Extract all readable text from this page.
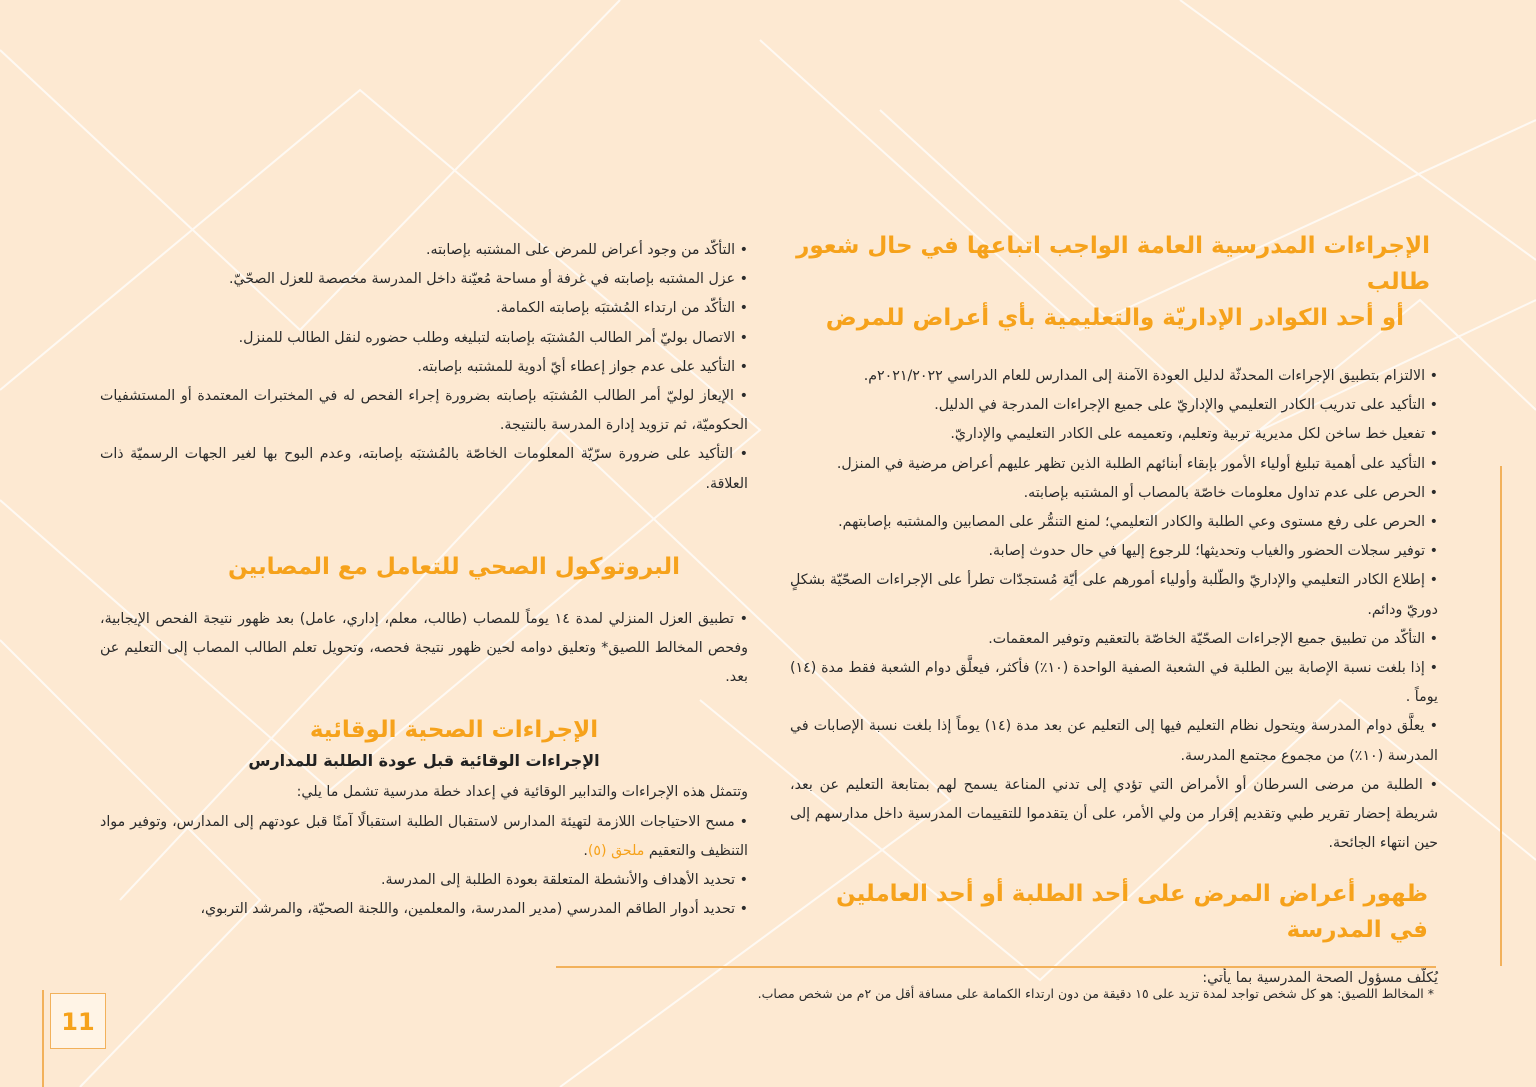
الإجراءات المدرسية العامة الواجب اتباعها في حال شعور طالب
أو أحد الكوادر الإداريّة والتعليمية بأي أعراض للمرض
• الالتزام بتطبيق الإجراءات المحدثّة لدليل العودة الآمنة إلى المدارس للعام الدراسي ٢٠٢١/٢٠٢٢م.
• التأكيد على تدريب الكادر التعليمي والإداريّ على جميع الإجراءات المدرجة في الدليل.
• تفعيل خط ساخن لكل مديرية تربية وتعليم، وتعميمه على الكادر التعليمي والإداريّ.
• التأكيد على أهمية تبليغ أولياء الأمور بإبقاء أبنائهم الطلبة الذين تظهر عليهم أعراض مرضية في المنزل.
• الحرص على عدم تداول معلومات خاصّة بالمصاب أو المشتبه بإصابته.
• الحرص على رفع مستوى وعي الطلبة والكادر التعليمي؛ لمنع التنمُّر على المصابين والمشتبه بإصابتهم.
• توفير سجلات الحضور والغياب وتحديثها؛ للرجوع إليها في حال حدوث إصابة.
• إطلاع الكادر التعليمي والإداريّ والطّلبة وأولياء أمورهم على أيّة مُستجدّات تطرأ على الإجراءات الصحّيّة بشكلٍ دوريّ ودائم.
• التأكّد من تطبيق جميع الإجراءات الصحّيّة الخاصّة بالتعقيم وتوفير المعقمات.
• إذا بلغت نسبة الإصابة بين الطلبة في الشعبة الصفية الواحدة (١٠٪) فأكثر، فيعلَّق دوام الشعبة فقط مدة (١٤) يوماً .
• يعلَّق دوام المدرسة ويتحول نظام التعليم فيها إلى التعليم عن بعد مدة (١٤) يوماً إذا بلغت نسبة الإصابات في المدرسة (١٠٪) من مجموع مجتمع المدرسة.
• الطلبة من مرضى السرطان أو الأمراض التي تؤدي إلى تدني المناعة يسمح لهم بمتابعة التعليم عن بعد، شريطة إحضار تقرير طبي وتقديم إقرار من ولي الأمر، على أن يتقدموا للتقييمات المدرسية داخل مدارسهم إلى حين انتهاء الجائحة.
ظهور أعراض المرض على أحد الطلبة أو أحد العاملين في المدرسة

يُكلّف مسؤول الصحة المدرسية بما يأتي:

• التأكّد من وجود أعراض للمرض على المشتبه بإصابته.
• عزل المشتبه بإصابته في غرفة أو مساحة مُعيّنة داخل المدرسة مخصصة للعزل الصحّيّ.
• التأكّد من ارتداء المُشتبَه بإصابته الكمامة.
• الاتصال بوليّ أمر الطالب المُشتبَه بإصابته لتبليغه وطلب حضوره لنقل الطالب للمنزل.
• التأكيد على عدم جواز إعطاء أيّ أدوية للمشتبه بإصابته.
• الإيعاز لوليّ أمر الطالب المُشتبَه بإصابته بضرورة إجراء الفحص له في المختبرات المعتمدة أو المستشفيات الحكوميّة، ثم تزويد إدارة المدرسة بالنتيجة.
• التأكيد على ضرورة سرّيّة المعلومات الخاصّة بالمُشتبَه بإصابته، وعدم البوح بها لغير الجهات الرسميّة ذات العلاقة.
البروتوكول الصحي للتعامل مع المصابين
• تطبيق العزل المنزلي لمدة ١٤ يوماً للمصاب (طالب، معلم، إداري، عامل) بعد ظهور نتيجة الفحص الإيجابية، وفحص المخالط اللصيق* وتعليق دوامه لحين ظهور نتيجة فحصه، وتحويل تعلم الطالب المصاب إلى التعليم عن بعد.
الإجراءات الصحية الوقائية
الإجراءات الوقائية قبل عودة الطلبة للمدارس

وتتمثل هذه الإجراءات والتدابير الوقائية في إعداد خطة مدرسية تشمل ما يلي:

• مسح الاحتياجات اللازمة لتهيئة المدارس لاستقبال الطلبة استقبالًا آمنًا قبل عودتهم إلى المدارس، وتوفير مواد التنظيف والتعقيم ملحق (٥).
• تحديد الأهداف والأنشطة المتعلقة بعودة الطلبة إلى المدرسة.
• تحديد أدوار الطاقم المدرسي (مدير المدرسة، والمعلمين، واللجنة الصحيّة، والمرشد التربوي،
* المخالط اللصيق: هو كل شخص تواجد لمدة تزيد على ١٥ دقيقة من دون ارتداء الكمامة على مسافة أقل من ٢م من شخص مصاب.
11
